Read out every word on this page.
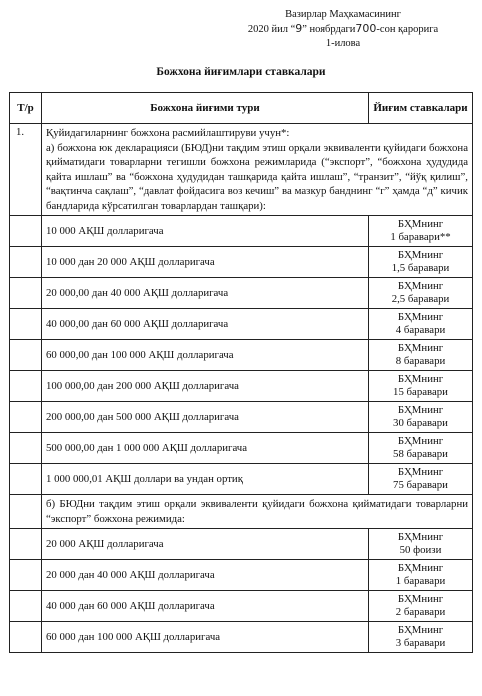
Вазирлар Маҳкамасининг
2020 йил “9” ноябрдаги700-сон қарорига
1-илова
Божхона йиғимлари ставкалари
Т/р	Божхона йиғими тури	Йиғим ставкалари
1.	Қуйидагиларнинг божхона расмийлаштируви учун*:
а) божхона юк декларацияси (БЮД)ни тақдим этиш орқали эквиваленти қуйидаги божхона қийматидаги товарларни тегишли божхона режимларида (“экспорт”, “божхона ҳудудида қайта ишлаш” ва “божхона ҳудудидан ташқарида қайта ишлаш”, “транзит”, “йўқ қилиш”, “вақтинча сақлаш”, “давлат фойдасига воз кечиш” ва мазкур банднинг “г” ҳамда “д” кичик бандларида кўрсатилган товарлардан ташқари):	

	10 000 АҚШ долларигача	БҲМнинг
1 баравари**

	10 000 дан 20 000 АҚШ долларигача	БҲМнинг
1,5 баравари

	20 000,00 дан 40 000 АҚШ долларигача	БҲМнинг
2,5 баравари

	40 000,00 дан 60 000 АҚШ долларигача	БҲМнинг
4 баравари

	60 000,00 дан 100 000 АҚШ долларигача	БҲМнинг
8 баравари

	100 000,00 дан 200 000 АҚШ долларигача	БҲМнинг
15 баравари

	200 000,00 дан 500 000 АҚШ долларигача	БҲМнинг
30 баравари

	500 000,00 дан 1 000 000 АҚШ долларигача	БҲМнинг
58 баравари

	1 000 000,01 АҚШ доллари ва ундан ортиқ	БҲМнинг
75 баравари

	б) БЮДни тақдим этиш орқали эквиваленти қуйидаги божхона қийматидаги товарларни “экспорт” божхона режимида:	
	20 000 АҚШ долларигача	БҲМнинг
50 фоизи

	20 000 дан 40 000 АҚШ долларигача	БҲМнинг
1 баравари

	40 000 дан 60 000 АҚШ долларигача	БҲМнинг
2 баравари

	60 000 дан 100 000 АҚШ долларигача	БҲМнинг
3 баравари
